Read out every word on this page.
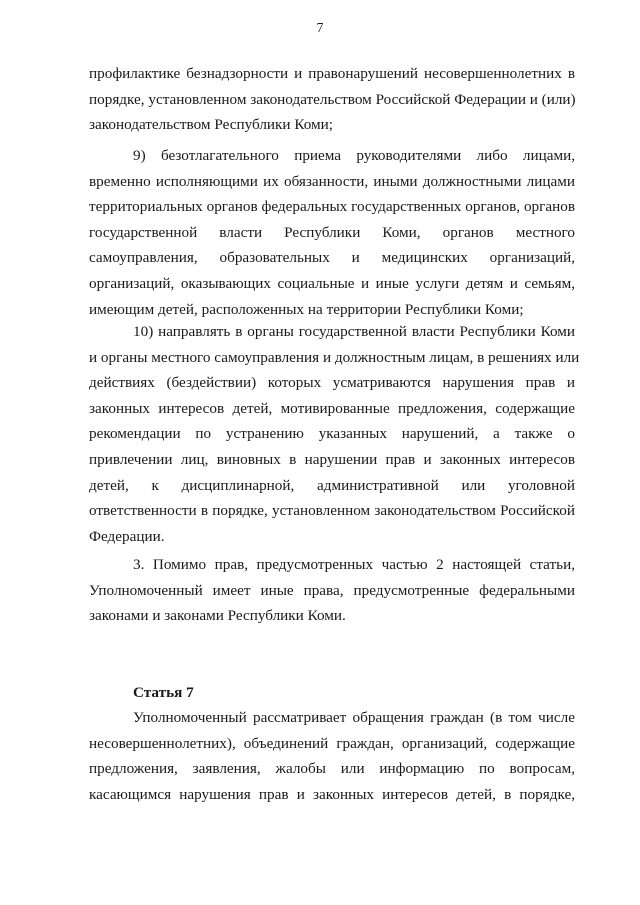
7
профилактике безнадзорности и правонарушений несовершеннолетних в
порядке, установленном законодательством Российской Федерации и (или)
законодательством Республики Коми;
9) безотлагательного приема руководителями либо лицами,
временно исполняющими их обязанности, иными должностными лицами
территориальных органов федеральных государственных органов, органов
государственной власти Республики Коми, органов местного
самоуправления, образовательных и медицинских организаций,
организаций, оказывающих социальные и иные услуги детям и семьям,
имеющим детей, расположенных на территории Республики Коми;
10) направлять в органы государственной власти Республики Коми
и органы местного самоуправления и должностным лицам, в решениях или
действиях (бездействии) которых усматриваются нарушения прав и
законных интересов детей, мотивированные предложения, содержащие
рекомендации по устранению указанных нарушений, а также о
привлечении лиц, виновных в нарушении прав и законных интересов
детей, к дисциплинарной, административной или уголовной
ответственности в порядке, установленном законодательством Российской
Федерации.
3. Помимо прав, предусмотренных частью 2 настоящей статьи,
Уполномоченный имеет иные права, предусмотренные федеральными
законами и законами Республики Коми.
Статья 7
Уполномоченный рассматривает обращения граждан (в том числе
несовершеннолетних), объединений граждан, организаций, содержащие
предложения, заявления, жалобы или информацию по вопросам,
касающимся нарушения прав и законных интересов детей, в порядке,
